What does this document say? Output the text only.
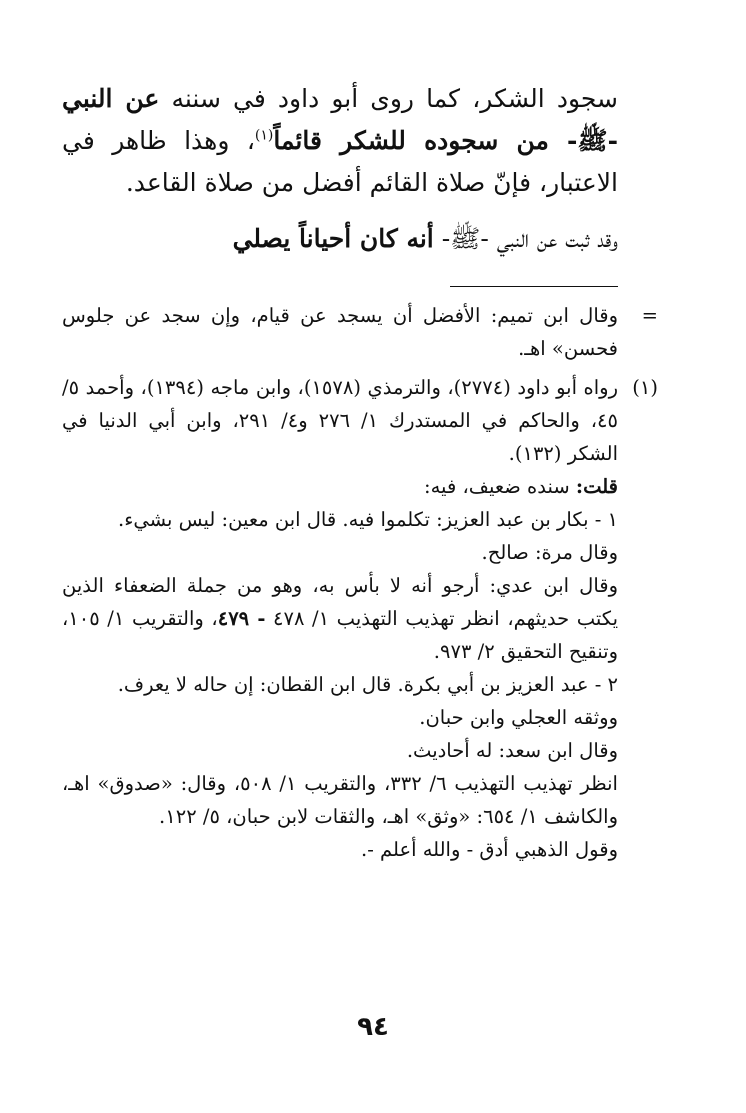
سجود الشكر، كما روى أبو داود في سننه عن النبي -ﷺ- من سجوده للشكر قائماً$^{(١)}$، وهذا ظاهر في الاعتبار، فإنّ صلاة القائم أفضل من صلاة القاعد.

وقد ثبت عن النبي -ﷺ- أنه كان أحياناً يصلي

=

وقال ابن تميم: الأفضل أن يسجد عن قيام، وإن سجد عن جلوس فحسن» اهـ.

(١)

رواه أبو داود (٢٧٧٤)، والترمذي (١٥٧٨)، وابن ماجه (١٣٩٤)، وأحمد ٥/ ٤٥، والحاكم في المستدرك ١/ ٢٧٦ و٤/ ٢٩١، وابن أبي الدنيا في الشكر (١٣٢).

قلت: سنده ضعيف، فيه:

١ - بكار بن عبد العزيز: تكلموا فيه. قال ابن معين: ليس بشيء.

وقال مرة: صالح.

وقال ابن عدي: أرجو أنه لا بأس به، وهو من جملة الضعفاء الذين يكتب حديثهم، انظر تهذيب التهذيب ١/ ٤٧٨ - ٤٧٩، والتقريب ١/ ١٠٥، وتنقيح التحقيق ٢/ ٩٧٣.

٢ - عبد العزيز بن أبي بكرة. قال ابن القطان: إن حاله لا يعرف.

ووثقه العجلي وابن حبان.

وقال ابن سعد: له أحاديث.

انظر تهذيب التهذيب ٦/ ٣٣٢، والتقريب ١/ ٥٠٨، وقال: «صدوق» اهـ، والكاشف ١/ ٦٥٤: «وثق» اهـ، والثقات لابن حبان، ٥/ ١٢٢.

وقول الذهبي أدق - والله أعلم -.

٩٤
